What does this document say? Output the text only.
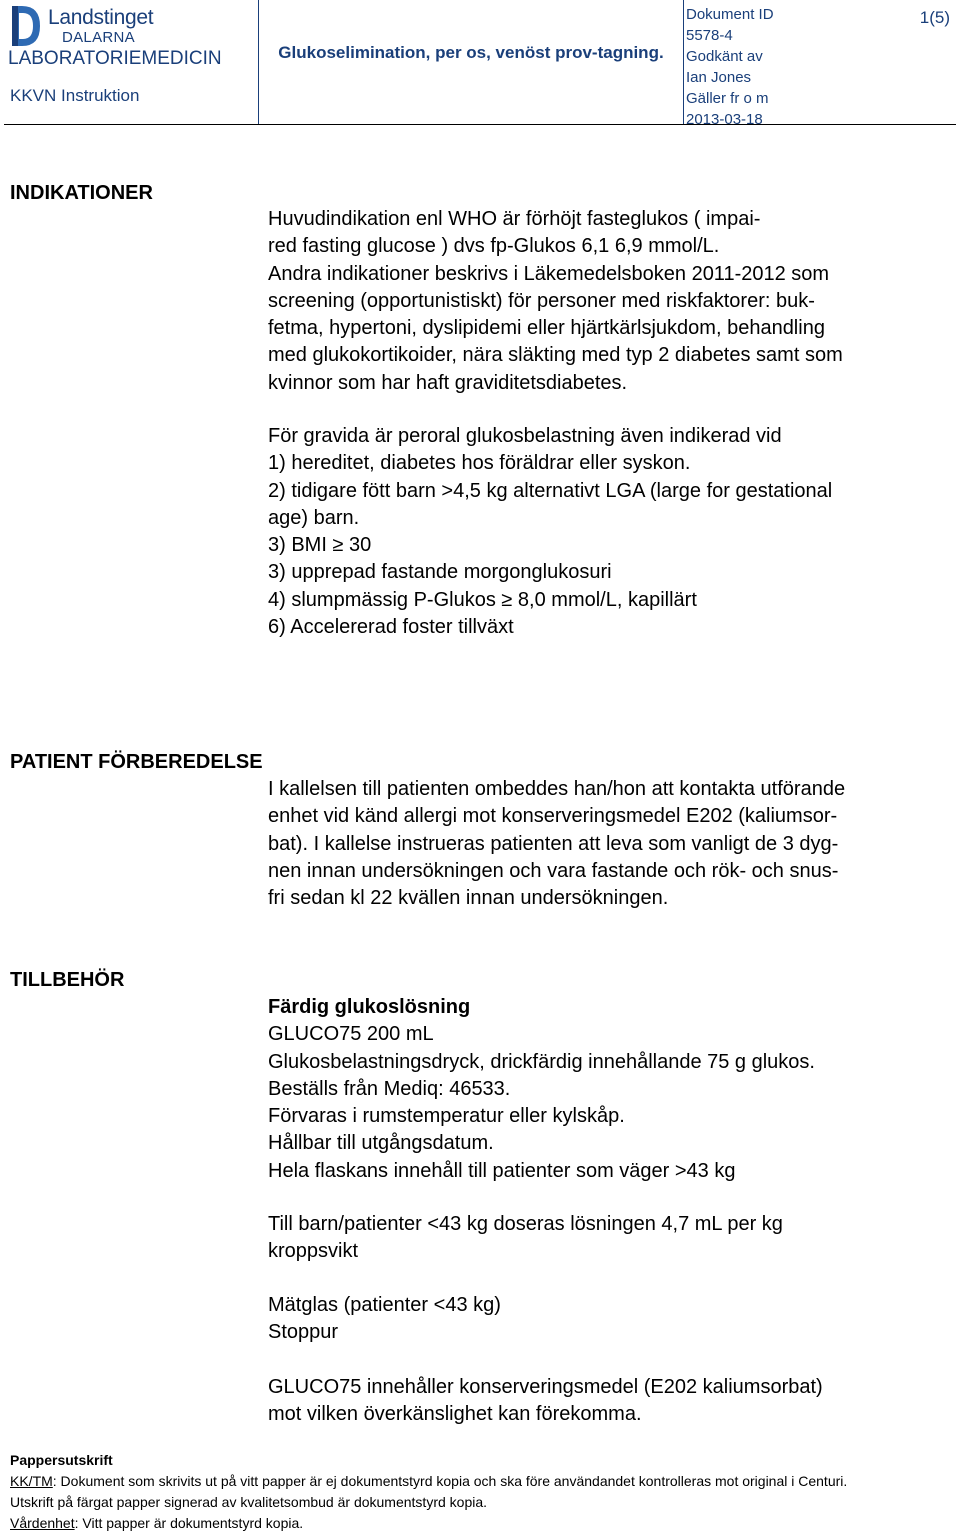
Landstinget
DALARNA
LABORATORIEMEDICIN
KKVN Instruktion
Glukoselimination, per os, venöst prov-tagning.
Dokument ID
5578-4
Godkänt av
Ian Jones
Gäller fr o m
2013-03-18
1(5)
INDIKATIONER
Huvudindikation enl WHO är förhöjt fasteglukos ( impai-
red fasting glucose ) dvs fp-Glukos 6,1 6,9 mmol/L.
Andra indikationer beskrivs i Läkemedelsboken 2011-2012 som
screening (opportunistiskt) för personer med riskfaktorer: buk-
fetma, hypertoni, dyslipidemi eller hjärtkärlsjukdom, behandling
med glukokortikoider, nära släkting med typ 2 diabetes samt som
kvinnor som har haft graviditetsdiabetes.
För gravida är peroral glukosbelastning även indikerad vid
1) hereditet, diabetes hos föräldrar eller syskon.
2) tidigare fött barn >4,5 kg alternativt LGA (large for gestational
age) barn.
3) BMI ≥ 30
3) upprepad fastande morgonglukosuri
4) slumpmässig P-Glukos ≥ 8,0 mmol/L, kapillärt
6) Accelererad foster tillväxt
PATIENT FÖRBEREDELSE
I kallelsen till patienten ombeddes han/hon att kontakta utförande
enhet vid känd allergi mot konserveringsmedel E202 (kaliumsor-
bat). I kallelse instrueras patienten att leva som vanligt de 3 dyg-
nen innan undersökningen och vara fastande och rök- och snus-
fri sedan kl 22 kvällen innan undersökningen.
TILLBEHÖR
Färdig glukoslösning
GLUCO75 200 mL
Glukosbelastningsdryck, drickfärdig innehållande 75 g glukos.
Beställs från Mediq: 46533.
Förvaras i rumstemperatur eller kylskåp.
Hållbar till utgångsdatum.
Hela flaskans innehåll till patienter som väger >43 kg
Till barn/patienter <43 kg doseras lösningen 4,7 mL per kg
kroppsvikt
Mätglas (patienter <43 kg)
Stoppur
GLUCO75 innehåller konserveringsmedel (E202 kaliumsorbat)
mot vilken överkänslighet kan förekomma.
Pappersutskrift
KK/TM: Dokument som skrivits ut på vitt papper är ej dokumentstyrd kopia och ska före användandet kontrolleras mot original i Centuri.
Utskrift på färgat papper signerad av kvalitetsombud är dokumentstyrd kopia.
Vårdenhet: Vitt papper är dokumentstyrd kopia.
